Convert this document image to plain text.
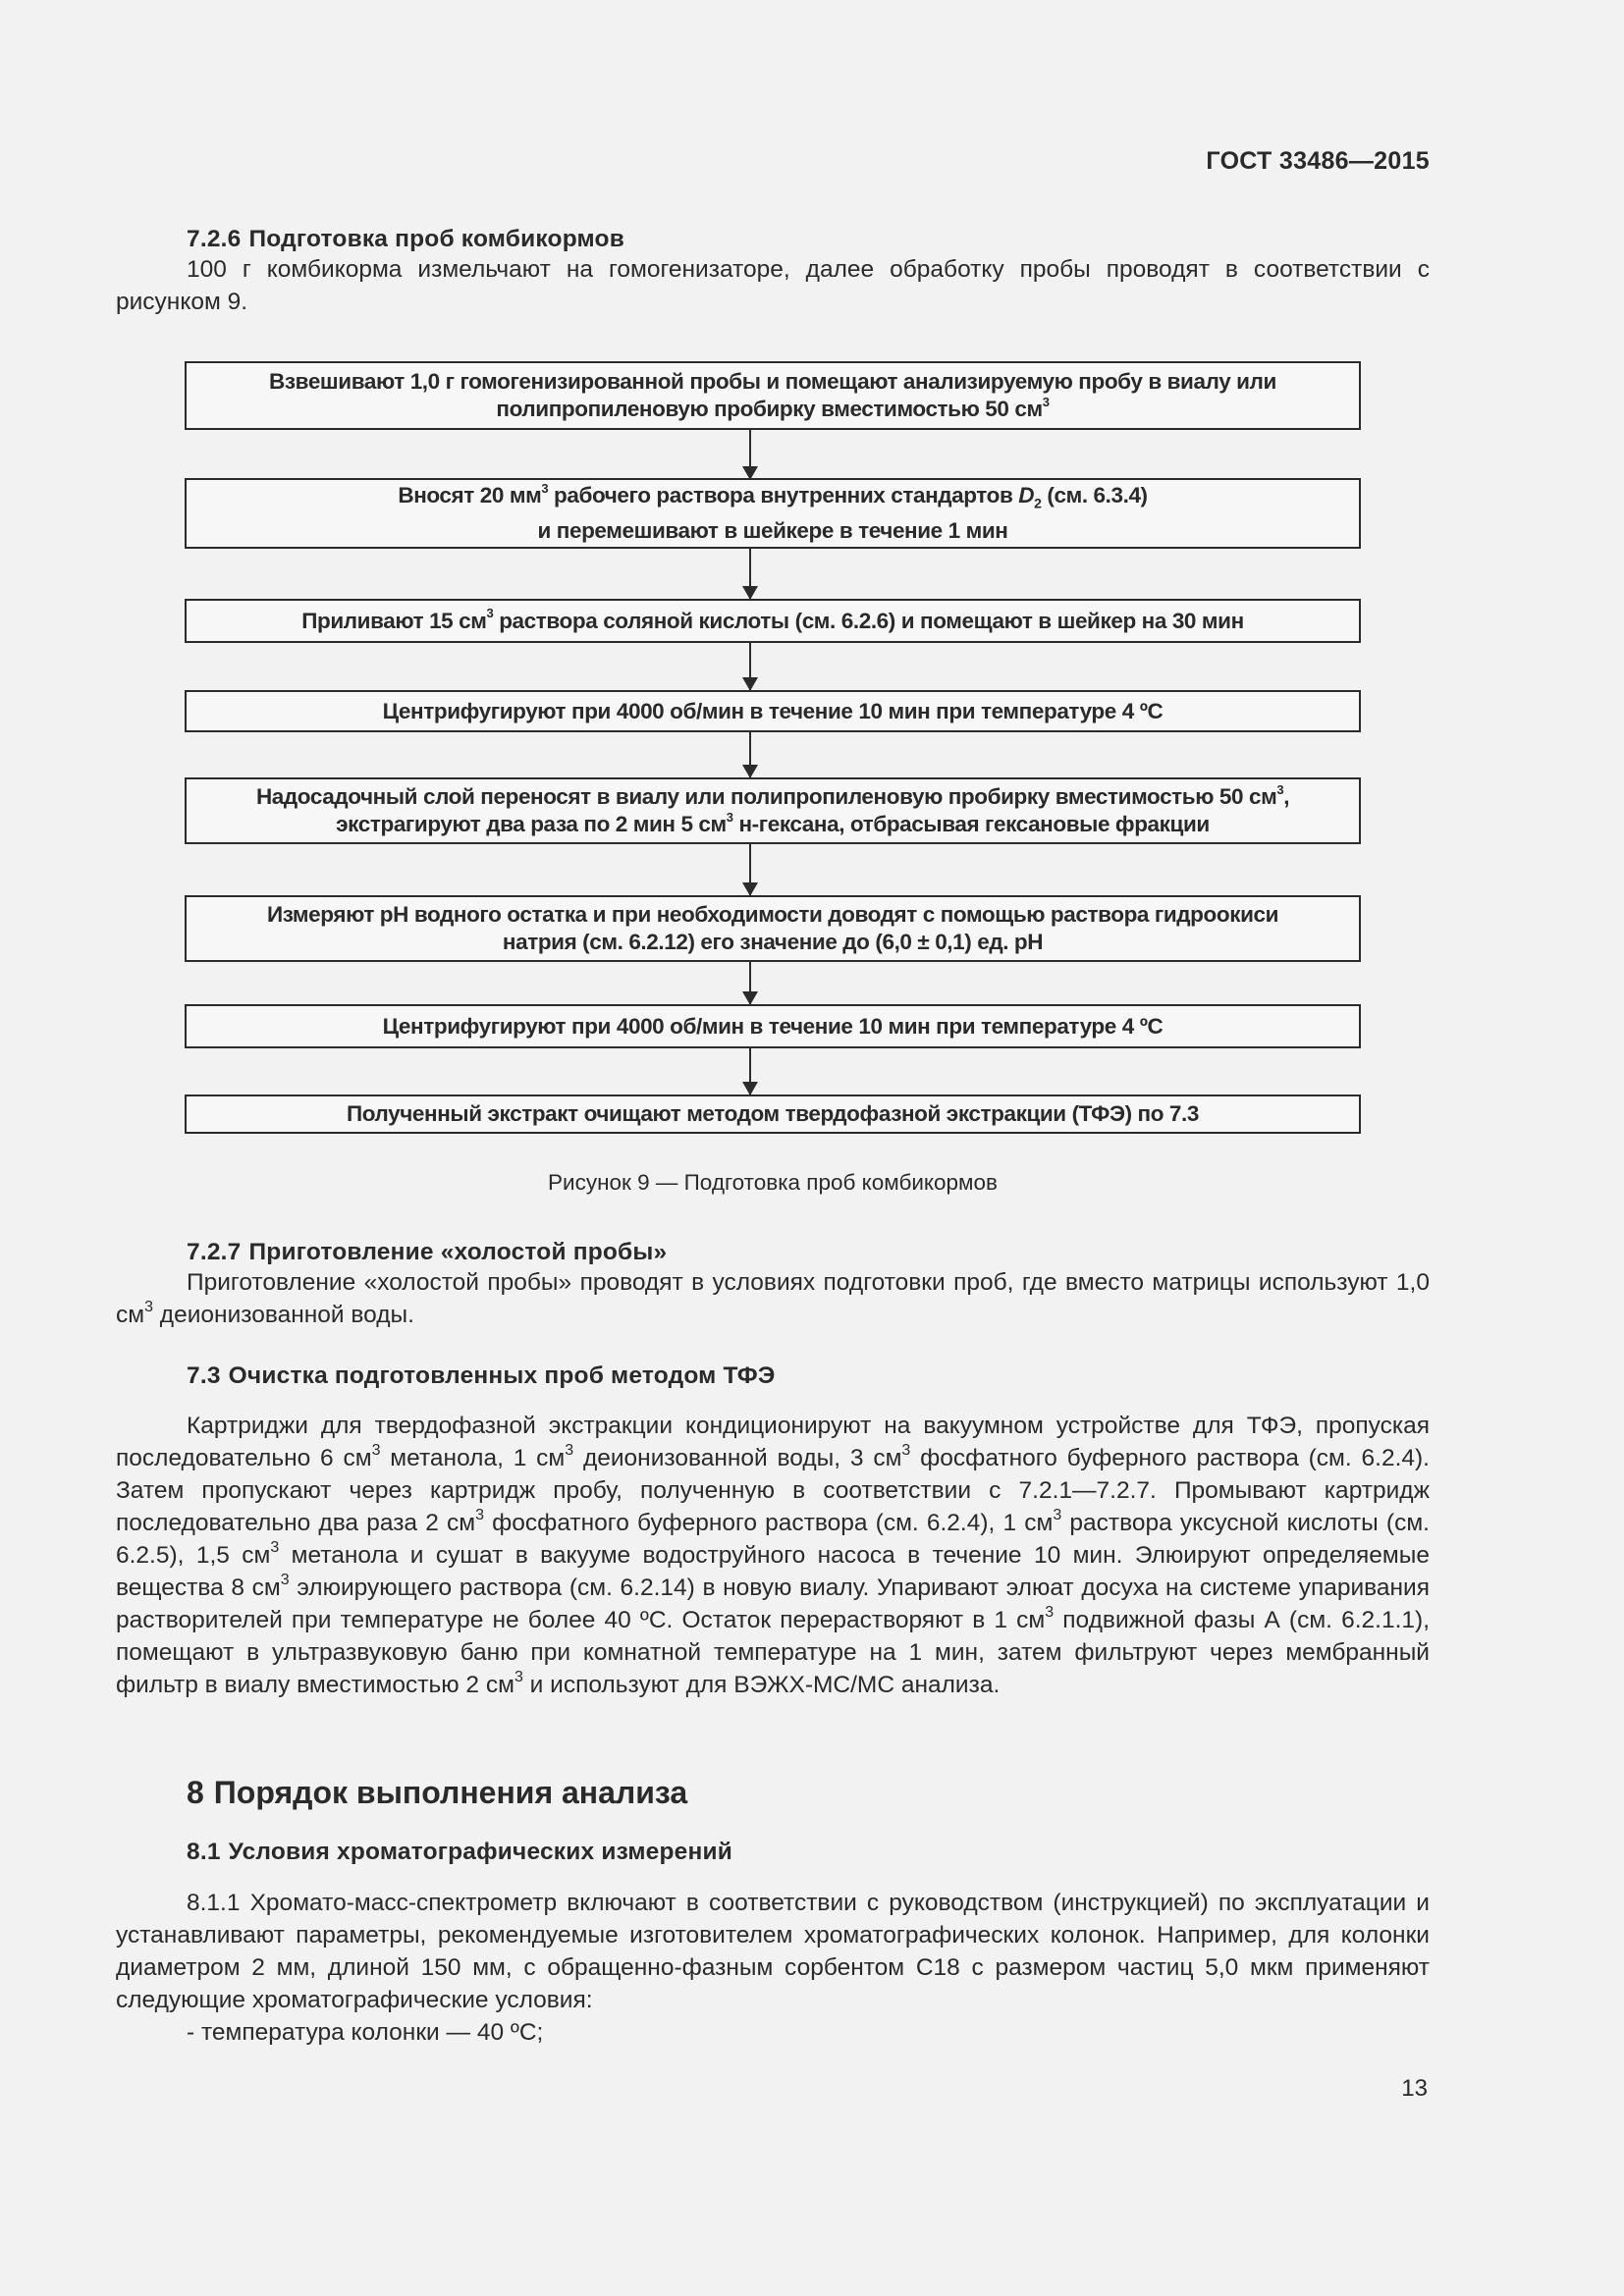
ГОСТ 33486—2015
7.2.6 Подготовка проб комбикормов
100 г комбикорма измельчают на гомогенизаторе, далее обработку пробы проводят в соответствии с рисунком 9.
Взвешивают 1,0 г гомогенизированной пробы и помещают анализируемую пробу в виалу или
полипропиленовую пробирку вместимостью 50 $см^3$
Вносят 20 $мм^3$ рабочего раствора внутренних стандартов $D_2$ (см. 6.3.4)
и перемешивают в шейкере в течение 1 мин
Приливают 15 $см^3$ раствора соляной кислоты (см. 6.2.6) и помещают в шейкер на 30 мин
Центрифугируют при 4000 об/мин в течение 10 мин при температуре 4 ºС
Надосадочный слой переносят в виалу или полипропиленовую пробирку вместимостью 50 $см^3$,
экстрагируют два раза по 2 мин 5 $см^3$ н-гексана, отбрасывая гексановые фракции
Измеряют pH водного остатка и при необходимости доводят с помощью раствора гидроокиси
натрия (см. 6.2.12) его значение до (6,0 ± 0,1) ед. pH
Центрифугируют при 4000 об/мин в течение 10 мин при температуре 4 ºС
Полученный экстракт очищают методом твердофазной экстракции (ТФЭ) по 7.3
Рисунок 9 — Подготовка проб комбикормов
7.2.7 Приготовление «холостой пробы»
Приготовление «холостой пробы» проводят в условиях подготовки проб, где вместо матрицы используют 1,0 $см^3$ деионизованной воды.
7.3 Очистка подготовленных проб методом ТФЭ
Картриджи для твердофазной экстракции кондиционируют на вакуумном устройстве для ТФЭ, пропуская последовательно 6 $см^3$ метанола, 1 $см^3$ деионизованной воды, 3 $см^3$ фосфатного буферного раствора (см. 6.2.4). Затем пропускают через картридж пробу, полученную в соответствии с 7.2.1—7.2.7. Промывают картридж последовательно два раза 2 $см^3$ фосфатного буферного раствора (см. 6.2.4), 1 $см^3$ раствора уксусной кислоты (см. 6.2.5), 1,5 $см^3$ метанола и сушат в вакууме водоструйного насоса в течение 10 мин. Элюируют определяемые вещества 8 $см^3$ элюирующего раствора (см. 6.2.14) в новую виалу. Упаривают элюат досуха на системе упаривания растворителей при температуре не более 40 ºС. Остаток перерастворяют в 1 $см^3$ подвижной фазы А (см. 6.2.1.1), помещают в ультразвуковую баню при комнатной температуре на 1 мин, затем фильтруют через мембранный фильтр в виалу вместимостью 2 $см^3$ и используют для ВЭЖХ-МС/МС анализа.
8 Порядок выполнения анализа
8.1 Условия хроматографических измерений
8.1.1 Хромато-масс-спектрометр включают в соответствии с руководством (инструкцией) по эксплуатации и устанавливают параметры, рекомендуемые изготовителем хроматографических колонок. Например, для колонки диаметром 2 мм, длиной 150 мм, с обращенно-фазным сорбентом С18 с размером частиц 5,0 мкм применяют следующие хроматографические условия:
- температура колонки — 40 ºС;
13
